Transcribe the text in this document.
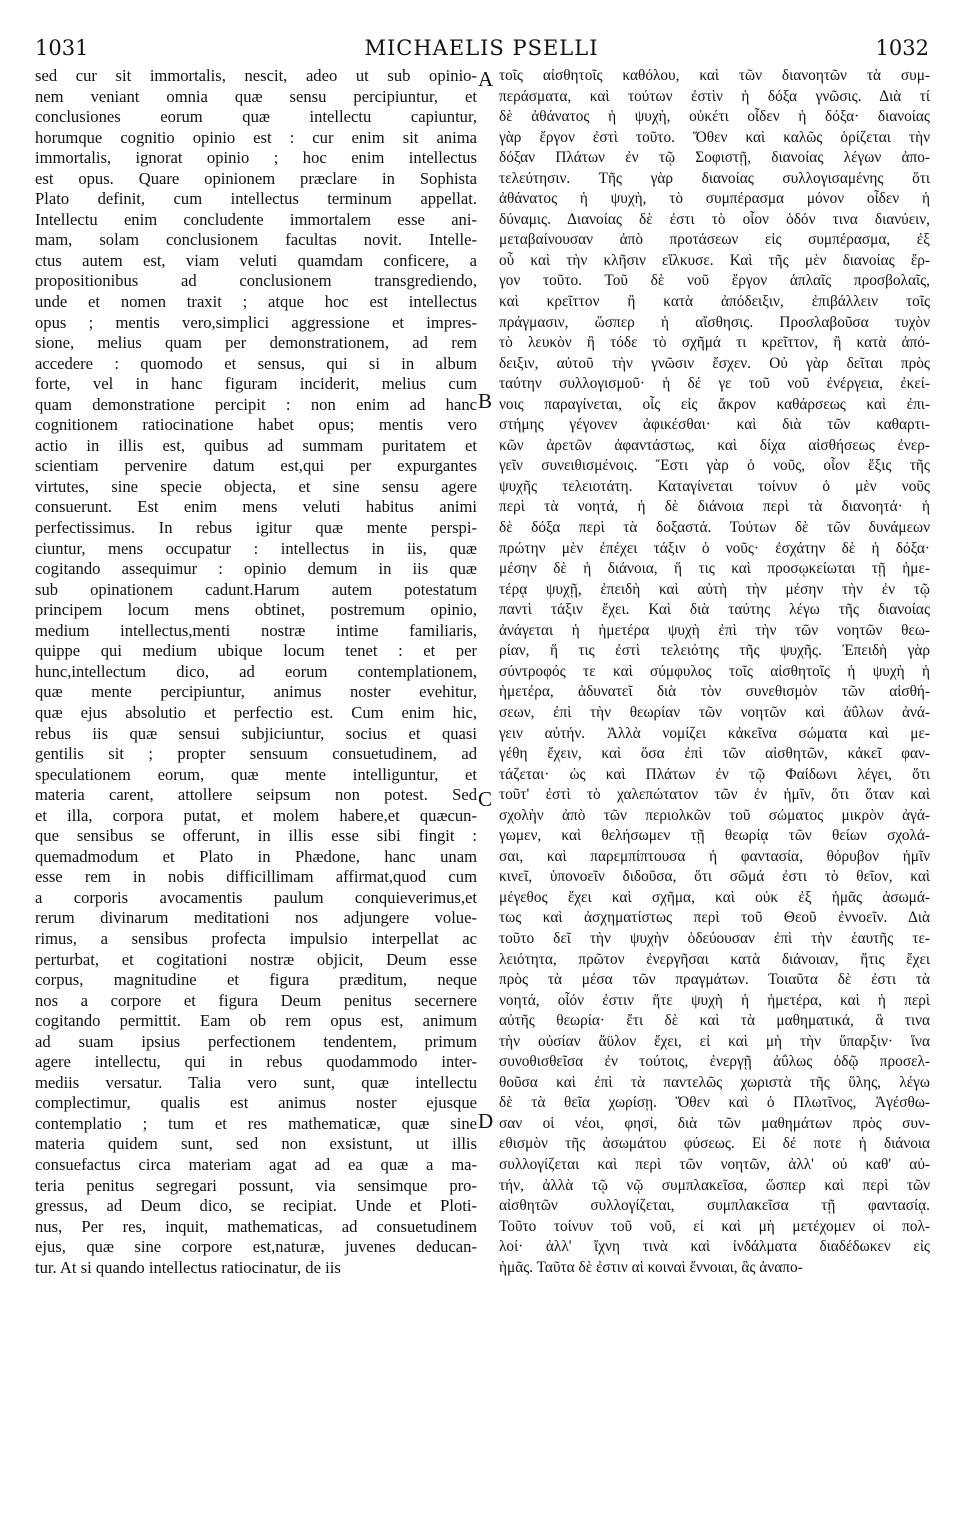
1031	MICHAELIS PSELLI	1032
sed cur sit immortalis, nescit, adeo ut sub opinio-
nem veniant omnia quæ sensu percipiuntur, et
conclusiones eorum quæ intellectu capiuntur,
horumque cognitio opinio est : cur enim sit anima
immortalis, ignorat opinio ; hoc enim intellectus
est opus. Quare opinionem præclare in Sophista
Plato definit, cum intellectus terminum appellat.
Intellectu enim concludente immortalem esse ani-
mam, solam conclusionem facultas novit. Intelle-
ctus autem est, viam veluti quamdam conficere, a
propositionibus ad conclusionem transgrediendo,
unde et nomen traxit ; atque hoc est intellectus
opus ; mentis vero,simplici aggressione et impres-
sione, melius quam per demonstrationem, ad rem
accedere : quomodo et sensus, qui si in album
forte, vel in hanc figuram inciderit, melius cum
quam demonstratione percipit : non enim ad hanc
cognitionem ratiocinatione habet opus; mentis vero
actio in illis est, quibus ad summam puritatem et
scientiam pervenire datum est,qui per expurgantes
virtutes, sine specie objecta, et sine sensu agere
consuerunt. Est enim mens veluti habitus animi
perfectissimus. In rebus igitur quæ mente perspi-
ciuntur, mens occupatur : intellectus in iis, quæ
cogitando assequimur : opinio demum in iis quæ
sub opinationem cadunt.Harum autem potestatum
principem locum mens obtinet, postremum opinio,
medium intellectus,menti nostræ intime familiaris,
quippe qui medium ubique locum tenet : et per
hunc,intellectum dico, ad eorum contemplationem,
quæ mente percipiuntur, animus noster evehitur,
quæ ejus absolutio et perfectio est. Cum enim hic,
rebus iis quæ sensui subjiciuntur, socius et quasi
gentilis sit ; propter sensuum consuetudinem, ad
speculationem eorum, quæ mente intelliguntur, et
materia carent, attollere seipsum non potest. Sed
et illa, corpora putat, et molem habere,et quæcun-
que sensibus se offerunt, in illis esse sibi fingit :
quemadmodum et Plato in Phædone, hanc unam
esse rem in nobis difficillimam affirmat,quod cum
a corporis avocamentis paulum conquieverimus,et
rerum divinarum meditationi nos adjungere volue-
rimus, a sensibus profecta impulsio interpellat ac
perturbat, et cogitationi nostræ objicit, Deum esse
corpus, magnitudine et figura præditum, neque
nos a corpore et figura Deum penitus secernere
cogitando permittit. Eam ob rem opus est, animum
ad suam ipsius perfectionem tendentem, primum
agere intellectu, qui in rebus quodammodo inter-
mediis versatur. Talia vero sunt, quæ intellectu
complectimur, qualis est animus noster ejusque
contemplatio ; tum et res mathematicæ, quæ sine
materia quidem sunt, sed non exsistunt, ut illis
consuefactus circa materiam agat ad ea quæ a ma-
teria penitus segregari possunt, via sensimque pro-
gressus, ad Deum dico, se recipiat. Unde et Ploti-
nus, Per res, inquit, mathematicas, ad consuetudinem
ejus, quæ sine corpore est,naturæ, juvenes deducan-
tur. At si quando intellectus ratiocinatur, de iis
A
B
C
D
τοῖς αἰσθητοῖς καθόλου, καὶ τῶν διανοητῶν τὰ συμ-
περάσματα, καὶ τούτων ἐστὶν ἡ δόξα γνῶσις. Διὰ τί
δὲ ἀθάνατος ἡ ψυχὴ, οὐκέτι οἶδεν ἡ δόξα· διανοίας
γὰρ ἔργον ἐστὶ τοῦτο. Ὅθεν καὶ καλῶς ὁρίζεται τὴν
δόξαν Πλάτων ἐν τῷ Σοφιστῇ, διανοίας λέγων ἀπο-
τελεύτησιν. Τῆς γὰρ διανοίας συλλογισαμένης ὅτι
ἀθάνατος ἡ ψυχὴ, τὸ συμπέρασμα μόνον οἶδεν ἡ
δύναμις. Διανοίας δὲ ἐστι τὸ οἷον ὁδόν τινα διανύειν,
μεταβαίνουσαν ἀπὸ προτάσεων εἰς συμπέρασμα, ἐξ
οὗ καὶ τὴν κλῆσιν εἵλκυσε. Καὶ τῆς μὲν διανοίας ἔρ-
γον τοῦτο. Τοῦ δὲ νοῦ ἔργον ἁπλαῖς προσβολαῖς,
καὶ κρεῖττον ἢ κατὰ ἀπόδειξιν, ἐπιβάλλειν τοῖς
πράγμασιν, ὥσπερ ἡ αἴσθησις. Προσλαβοῦσα τυχὸν
τὸ λευκὸν ἢ τόδε τὸ σχῆμά τι κρεῖττον, ἢ κατὰ ἀπό-
δειξιν, αὐτοῦ τὴν γνῶσιν ἔσχεν. Οὐ γὰρ δεῖται πρὸς
ταύτην συλλογισμοῦ· ἡ δέ γε τοῦ νοῦ ἐνέργεια, ἐκεί-
νοις παραγίνεται, οἷς εἰς ἄκρον καθάρσεως καὶ ἐπι-
στήμης γέγονεν ἀφικέσθαι· καὶ διὰ τῶν καθαρτι-
κῶν ἀρετῶν ἀφαντάστως, καὶ δίχα αἰσθήσεως ἐνερ-
γεῖν συνειθισμένοις. Ἔστι γὰρ ὁ νοῦς, οἷον ἕξις τῆς
ψυχῆς τελειοτάτη. Καταγίνεται τοίνυν ὁ μὲν νοῦς
περὶ τὰ νοητά, ἡ δὲ διάνοια περὶ τὰ διανοητά· ἡ
δὲ δόξα περὶ τὰ δοξαστά. Τούτων δὲ τῶν δυνάμεων
πρώτην μὲν ἐπέχει τάξιν ὁ νοῦς· ἐσχάτην δὲ ἡ δόξα·
μέσην δὲ ἡ διάνοια, ἥ τις καὶ προσῳκείωται τῇ ἡμε-
τέρᾳ ψυχῇ, ἐπειδὴ καὶ αὐτὴ τὴν μέσην τὴν ἐν τῷ
παντὶ τάξιν ἔχει. Καὶ διὰ ταύτης λέγω τῆς διανοίας
ἀνάγεται ἡ ἡμετέρα ψυχὴ ἐπὶ τὴν τῶν νοητῶν θεω-
ρίαν, ἥ τις ἐστὶ τελειότης τῆς ψυχῆς. Ἐπειδὴ γὰρ
σύντροφός τε καὶ σύμφυλος τοῖς αἰσθητοῖς ἡ ψυχὴ ἡ
ἡμετέρα, ἀδυνατεῖ διὰ τὸν συνεθισμὸν τῶν αἰσθή-
σεων, ἐπὶ τὴν θεωρίαν τῶν νοητῶν καὶ ἀΰλων ἀνά-
γειν αὐτήν. Ἀλλὰ νομίζει κἀκεῖνα σώματα καὶ με-
γέθη ἔχειν, καὶ ὅσα ἐπὶ τῶν αἰσθητῶν, κἀκεῖ φαν-
τάζεται· ὡς καὶ Πλάτων ἐν τῷ Φαίδωνι λέγει, ὅτι
τοῦτ' ἐστὶ τὸ χαλεπώτατον τῶν ἐν ἡμῖν, ὅτι ὅταν καὶ
σχολὴν ἀπὸ τῶν περιολκῶν τοῦ σώματος μικρὸν ἀγά-
γωμεν, καὶ θελήσωμεν τῇ θεωρίᾳ τῶν θείων σχολά-
σαι, καὶ παρεμπίπτουσα ἡ φαντασία, θόρυβον ἡμῖν
κινεῖ, ὑπονοεῖν διδοῦσα, ὅτι σῶμά ἐστι τὸ θεῖον, καὶ
μέγεθος ἔχει καὶ σχῆμα, καὶ οὐκ ἐξ ἡμᾶς ἀσωμά-
τως καὶ ἀσχηματίστως περὶ τοῦ Θεοῦ ἐννοεῖν. Διὰ
τοῦτο δεῖ τὴν ψυχὴν ὁδεύουσαν ἐπὶ τὴν ἑαυτῆς τε-
λειότητα, πρῶτον ἐνεργῆσαι κατὰ διάνοιαν, ἥτις ἔχει
πρὸς τὰ μέσα τῶν πραγμάτων. Τοιαῦτα δὲ ἐστι τὰ
νοητά, οἷόν ἐστιν ἥτε ψυχὴ ἡ ἡμετέρα, καὶ ἡ περὶ
αὐτῆς θεωρία· ἔτι δὲ καὶ τὰ μαθηματικά, ἃ τινα
τὴν οὐσίαν ἄϋλον ἔχει, εἰ καὶ μὴ τὴν ὕπαρξιν· ἵνα
συνοθισθεῖσα ἐν τούτοις, ἐνεργῇ ἀΰλως ὁδῷ προσελ-
θοῦσα καὶ ἐπὶ τὰ παντελῶς χωριστὰ τῆς ὕλης, λέγω
δὲ τὰ θεῖα χωρίσῃ. Ὅθεν καὶ ὁ Πλωτῖνος, Ἀγέσθω-
σαν οἱ νέοι, φησί, διὰ τῶν μαθημάτων πρὸς συν-
εθισμὸν τῆς ἀσωμάτου φύσεως. Εἰ δέ ποτε ἡ διάνοια
συλλογίζεται καὶ περὶ τῶν νοητῶν, ἀλλ' οὐ καθ' αὐ-
τήν, ἀλλὰ τῷ νῷ συμπλακεῖσα, ὥσπερ καὶ περὶ τῶν
αἰσθητῶν συλλογίζεται, συμπλακεῖσα τῇ φαντασίᾳ.
Τοῦτο τοίνυν τοῦ νοῦ, εἰ καὶ μὴ μετέχομεν οἱ πολ-
λοί· ἀλλ' ἴχνη τινὰ καὶ ἰνδάλματα διαδέδωκεν εἰς
ἡμᾶς. Ταῦτα δὲ ἐστιν αἱ κοιναὶ ἔννοιαι, ἃς ἀναπο-
